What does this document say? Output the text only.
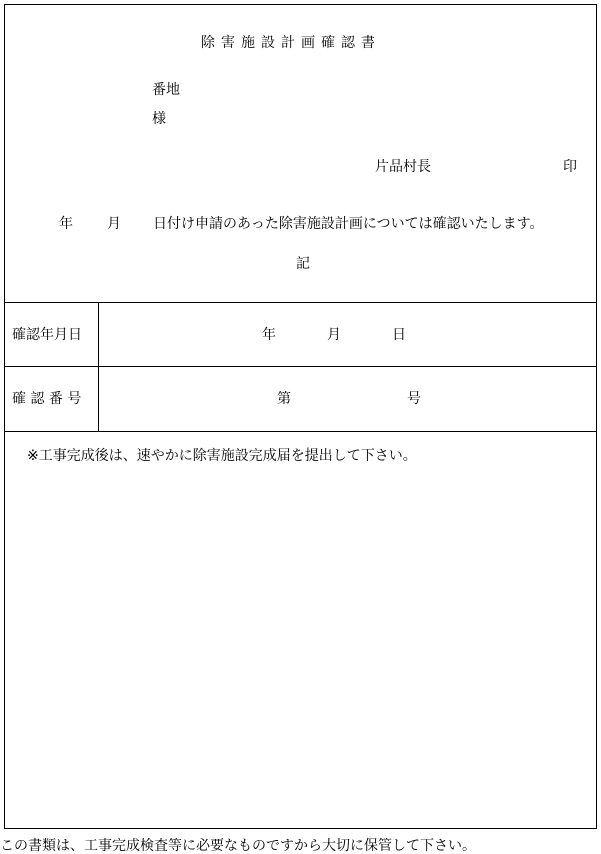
除害施設計画確認書
番地
様
片品村長	印
年 月 日付け申請のあった除害施設計画については確認いたします。
記
確認年月日	年	月	日
確 認 番 号	第	号
※工事完成後は、速やかに除害施設完成届を提出して下さい。
この書類は、工事完成検査等に必要なものですから大切に保管して下さい。
